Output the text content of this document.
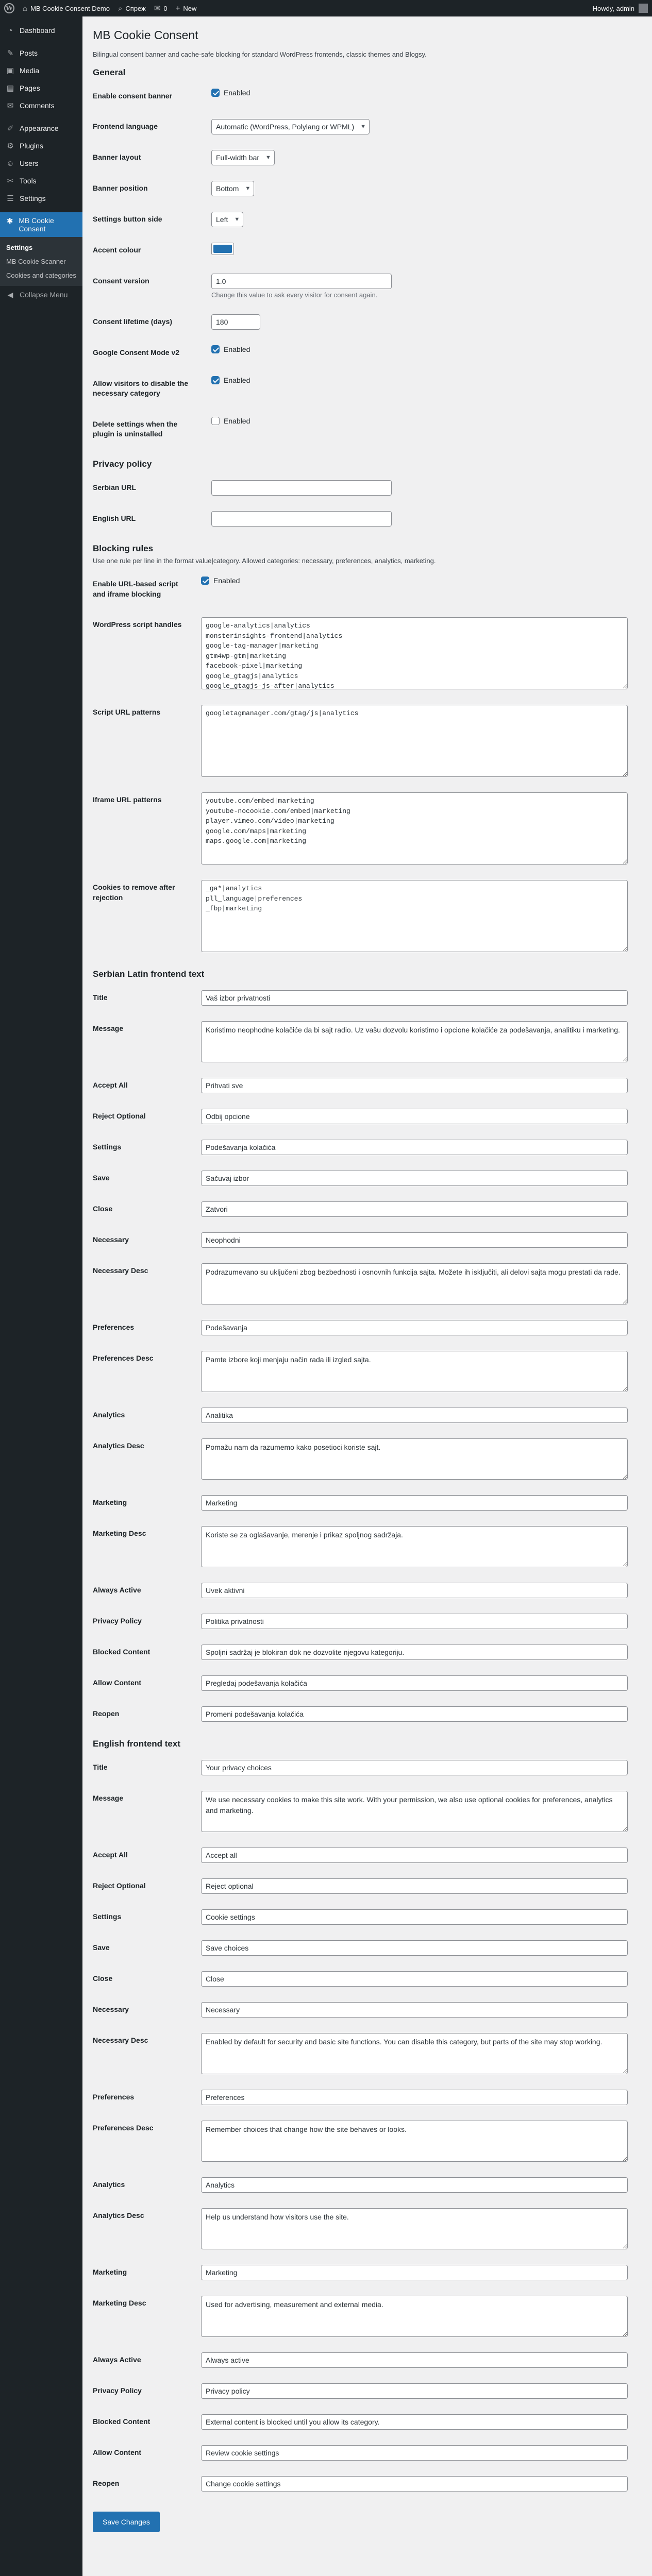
W ⌂ MB Cookie Consent Demo ⌕ Спреж ✉ 0 + New	Howdy, admin
◔ Dashboard
✎ Posts
▣ Media
▤ Pages
✉ Comments
✐ Appearance
⚙ Plugins
☺ Users
✂ Tools
☰ Settings
✱ MB Cookie Consent
Settings
MB Cookie Scanner
Cookies and categories
◀ Collapse Menu
MB Cookie Consent

Bilingual consent banner and cache-safe blocking for standard WordPress frontends, classic themes and Blogsy.

General
Enable consent banner	Enabled

Frontend language	Automatic (WordPress, Polylang or WPML) ▼

Banner layout	Full-width bar ▼

Banner position	Bottom ▼

Settings button side	Left ▼

Accent colour	

Consent version	1.0

Change this value to ask every visitor for consent again.

Consent lifetime (days)	180
Google Consent Mode v2	Enabled

Allow visitors to disable the necessary category	Enabled

Delete settings when the plugin is uninstalled	Enabled
Privacy policy
Serbian URL	
English URL	
Blocking rules

Use one rule per line in the format value|category. Allowed categories: necessary, preferences, analytics, marketing.

Enable URL-based script and iframe blocking	Enabled

WordPress script handles	
google-analytics|analytics monsterinsights-frontend|analytics google-tag-manager|marketing gtm4wp-gtm|marketing facebook-pixel|marketing google_gtagjs|analytics google_gtagjs-js-after|analytics
Script URL patterns	
googletagmanager.com/gtag/js|analytics
Iframe URL patterns	
youtube.com/embed|marketing youtube-nocookie.com/embed|marketing player.vimeo.com/video|marketing google.com/maps|marketing maps.google.com|marketing
Cookies to remove after rejection	
_ga*|analytics pll_language|preferences _fbp|marketing
Serbian Latin frontend text
Title	Vaš izbor privatnosti
Message	
Koristimo neophodne kolačiće da bi sajt radio. Uz vašu dozvolu koristimo i opcione kolačiće za podešavanja, analitiku i marketing.
Accept All	Prihvati sve
Reject Optional	Odbij opcione
Settings	Podešavanja kolačića
Save	Sačuvaj izbor
Close	Zatvori
Necessary	Neophodni
Necessary Desc	
Podrazumevano su uključeni zbog bezbednosti i osnovnih funkcija sajta. Možete ih isključiti, ali delovi sajta mogu prestati da rade.
Preferences	Podešavanja
Preferences Desc	
Pamte izbore koji menjaju način rada ili izgled sajta.
Analytics	Analitika
Analytics Desc	
Pomažu nam da razumemo kako posetioci koriste sajt.
Marketing	Marketing
Marketing Desc	
Koriste se za oglašavanje, merenje i prikaz spoljnog sadržaja.
Always Active	Uvek aktivni
Privacy Policy	Politika privatnosti
Blocked Content	Spoljni sadržaj je blokiran dok ne dozvolite njegovu kategoriju.
Allow Content	Pregledaj podešavanja kolačića
Reopen	Promeni podešavanja kolačića
English frontend text
Title	Your privacy choices
Message	
We use necessary cookies to make this site work. With your permission, we also use optional cookies for preferences, analytics and marketing.
Accept All	Accept all
Reject Optional	Reject optional
Settings	Cookie settings
Save	Save choices
Close	Close
Necessary	Necessary
Necessary Desc	
Enabled by default for security and basic site functions. You can disable this category, but parts of the site may stop working.
Preferences	Preferences
Preferences Desc	
Remember choices that change how the site behaves or looks.
Analytics	Analytics
Analytics Desc	
Help us understand how visitors use the site.
Marketing	Marketing
Marketing Desc	
Used for advertising, measurement and external media.
Always Active	Always active
Privacy Policy	Privacy policy
Blocked Content	External content is blocked until you allow its category.
Allow Content	Review cookie settings
Reopen	Change cookie settings
Save Changes
